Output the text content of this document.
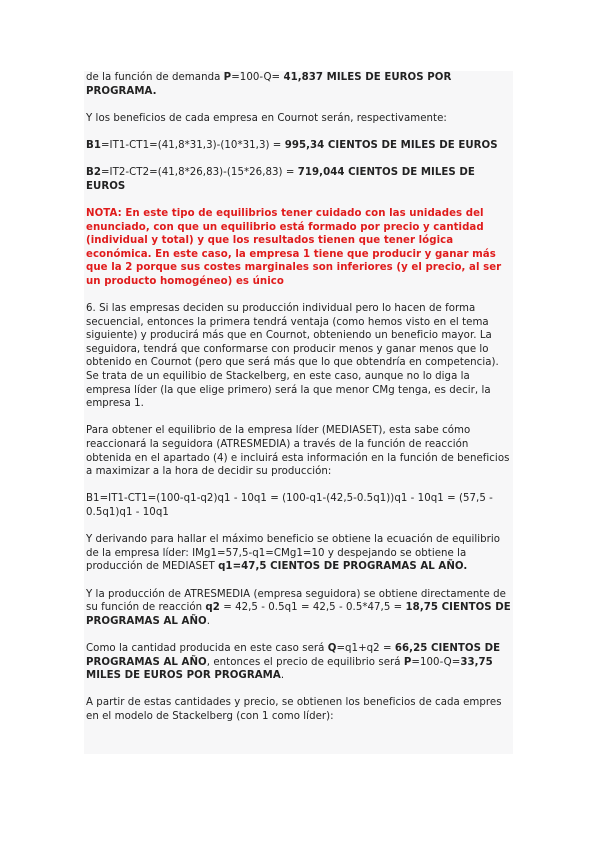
de la función de demanda P=100-Q= 41,837 MILES DE EUROS POR PROGRAMA.

Y los beneficios de cada empresa en Cournot serán, respectivamente:

B1=IT1-CT1=(41,8*31,3)-(10*31,3) = 995,34 CIENTOS DE MILES DE EUROS

B2=IT2-CT2=(41,8*26,83)-(15*26,83) = 719,044 CIENTOS DE MILES DE EUROS

NOTA: En este tipo de equilibrios tener cuidado con las unidades del enunciado, con que un equilibrio está formado por precio y cantidad (individual y total) y que los resultados tienen que tener lógica económica. En este caso, la empresa 1 tiene que producir y ganar más que la 2 porque sus costes marginales son inferiores (y el precio, al ser un producto homogéneo) es único

6. Si las empresas deciden su producción individual pero lo hacen de forma secuencial, entonces la primera tendrá ventaja (como hemos visto en el tema siguiente) y producirá más que en Cournot, obteniendo un beneficio mayor. La seguidora, tendrá que conformarse con producir menos y ganar menos que lo obtenido en Cournot (pero que será más que lo que obtendría en competencia). Se trata de un equilibio de Stackelberg, en este caso, aunque no lo diga la empresa líder (la que elige primero) será la que menor CMg tenga, es decir, la empresa 1.

Para obtener el equilibrio de la empresa líder (MEDIASET), esta sabe cómo reaccionará la seguidora (ATRESMEDIA) a través de la función de reacción obtenida en el apartado (4) e incluirá esta información en la función de beneficios a maximizar a la hora de decidir su producción:

B1=IT1-CT1=(100-q1-q2)q1 - 10q1 = (100-q1-(42,5-0.5q1))q1 - 10q1 = (57,5 - 0.5q1)q1 - 10q1

Y derivando para hallar el máximo beneficio se obtiene la ecuación de equilibrio de la empresa líder: IMg1=57,5-q1=CMg1=10 y despejando se obtiene la producción de MEDIASET q1=47,5 CIENTOS DE PROGRAMAS AL AÑO.

Y la producción de ATRESMEDIA (empresa seguidora) se obtiene directamente de su función de reacción q2 = 42,5 - 0.5q1 = 42,5 - 0.5*47,5 = 18,75 CIENTOS DE PROGRAMAS AL AÑO.

Como la cantidad producida en este caso será Q=q1+q2 = 66,25 CIENTOS DE PROGRAMAS AL AÑO, entonces el precio de equilibrio será P=100-Q=33,75 MILES DE EUROS POR PROGRAMA.

A partir de estas cantidades y precio, se obtienen los beneficios de cada empres en el modelo de Stackelberg (con 1 como líder):
